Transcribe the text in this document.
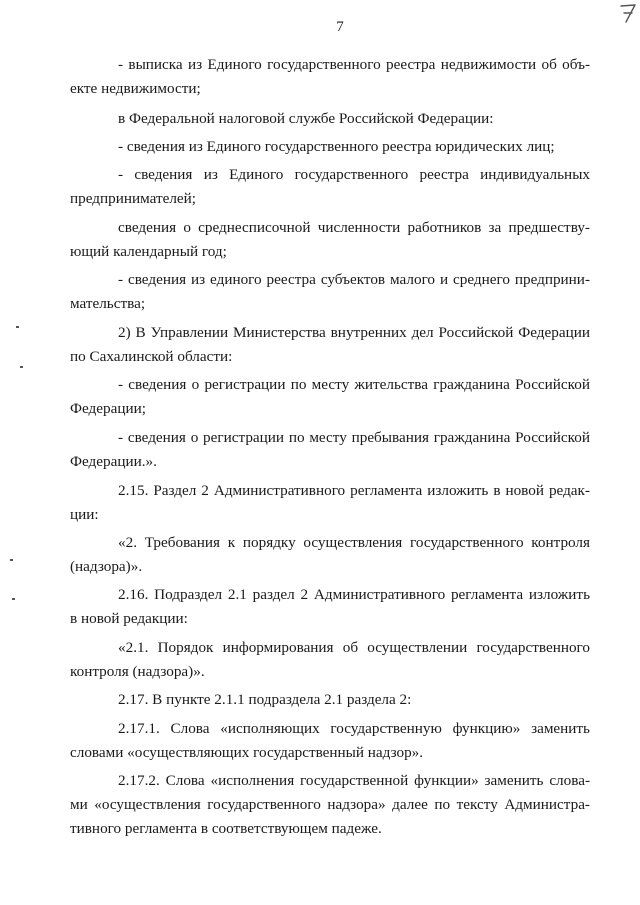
7
- выписка из Единого государственного реестра недвижимости об объ-
екте недвижимости;
в Федеральной налоговой службе Российской Федерации:
- сведения из Единого государственного реестра юридических лиц;
- сведения из Единого государственного реестра индивидуальных
предпринимателей;
сведения о среднесписочной численности работников за предшеству-
ющий календарный год;
- сведения из единого реестра субъектов малого и среднего предприни-
мательства;
2) В Управлении Министерства внутренних дел Российской Федерации
по Сахалинской области:
- сведения о регистрации по месту жительства гражданина Российской
Федерации;
- сведения о регистрации по месту пребывания гражданина Российской
Федерации.».
2.15. Раздел 2 Административного регламента изложить в новой редак-
ции:
«2. Требования к порядку осуществления государственного контроля
(надзора)».
2.16. Подраздел 2.1 раздел 2 Административного регламента изложить
в новой редакции:
«2.1. Порядок информирования об осуществлении государственного
контроля (надзора)».
2.17. В пункте 2.1.1 подраздела 2.1 раздела 2:
2.17.1. Слова «исполняющих государственную функцию» заменить
словами «осуществляющих государственный надзор».
2.17.2. Слова «исполнения государственной функции» заменить слова-
ми «осуществления государственного надзора» далее по тексту Администра-
тивного регламента в соответствующем падеже.
